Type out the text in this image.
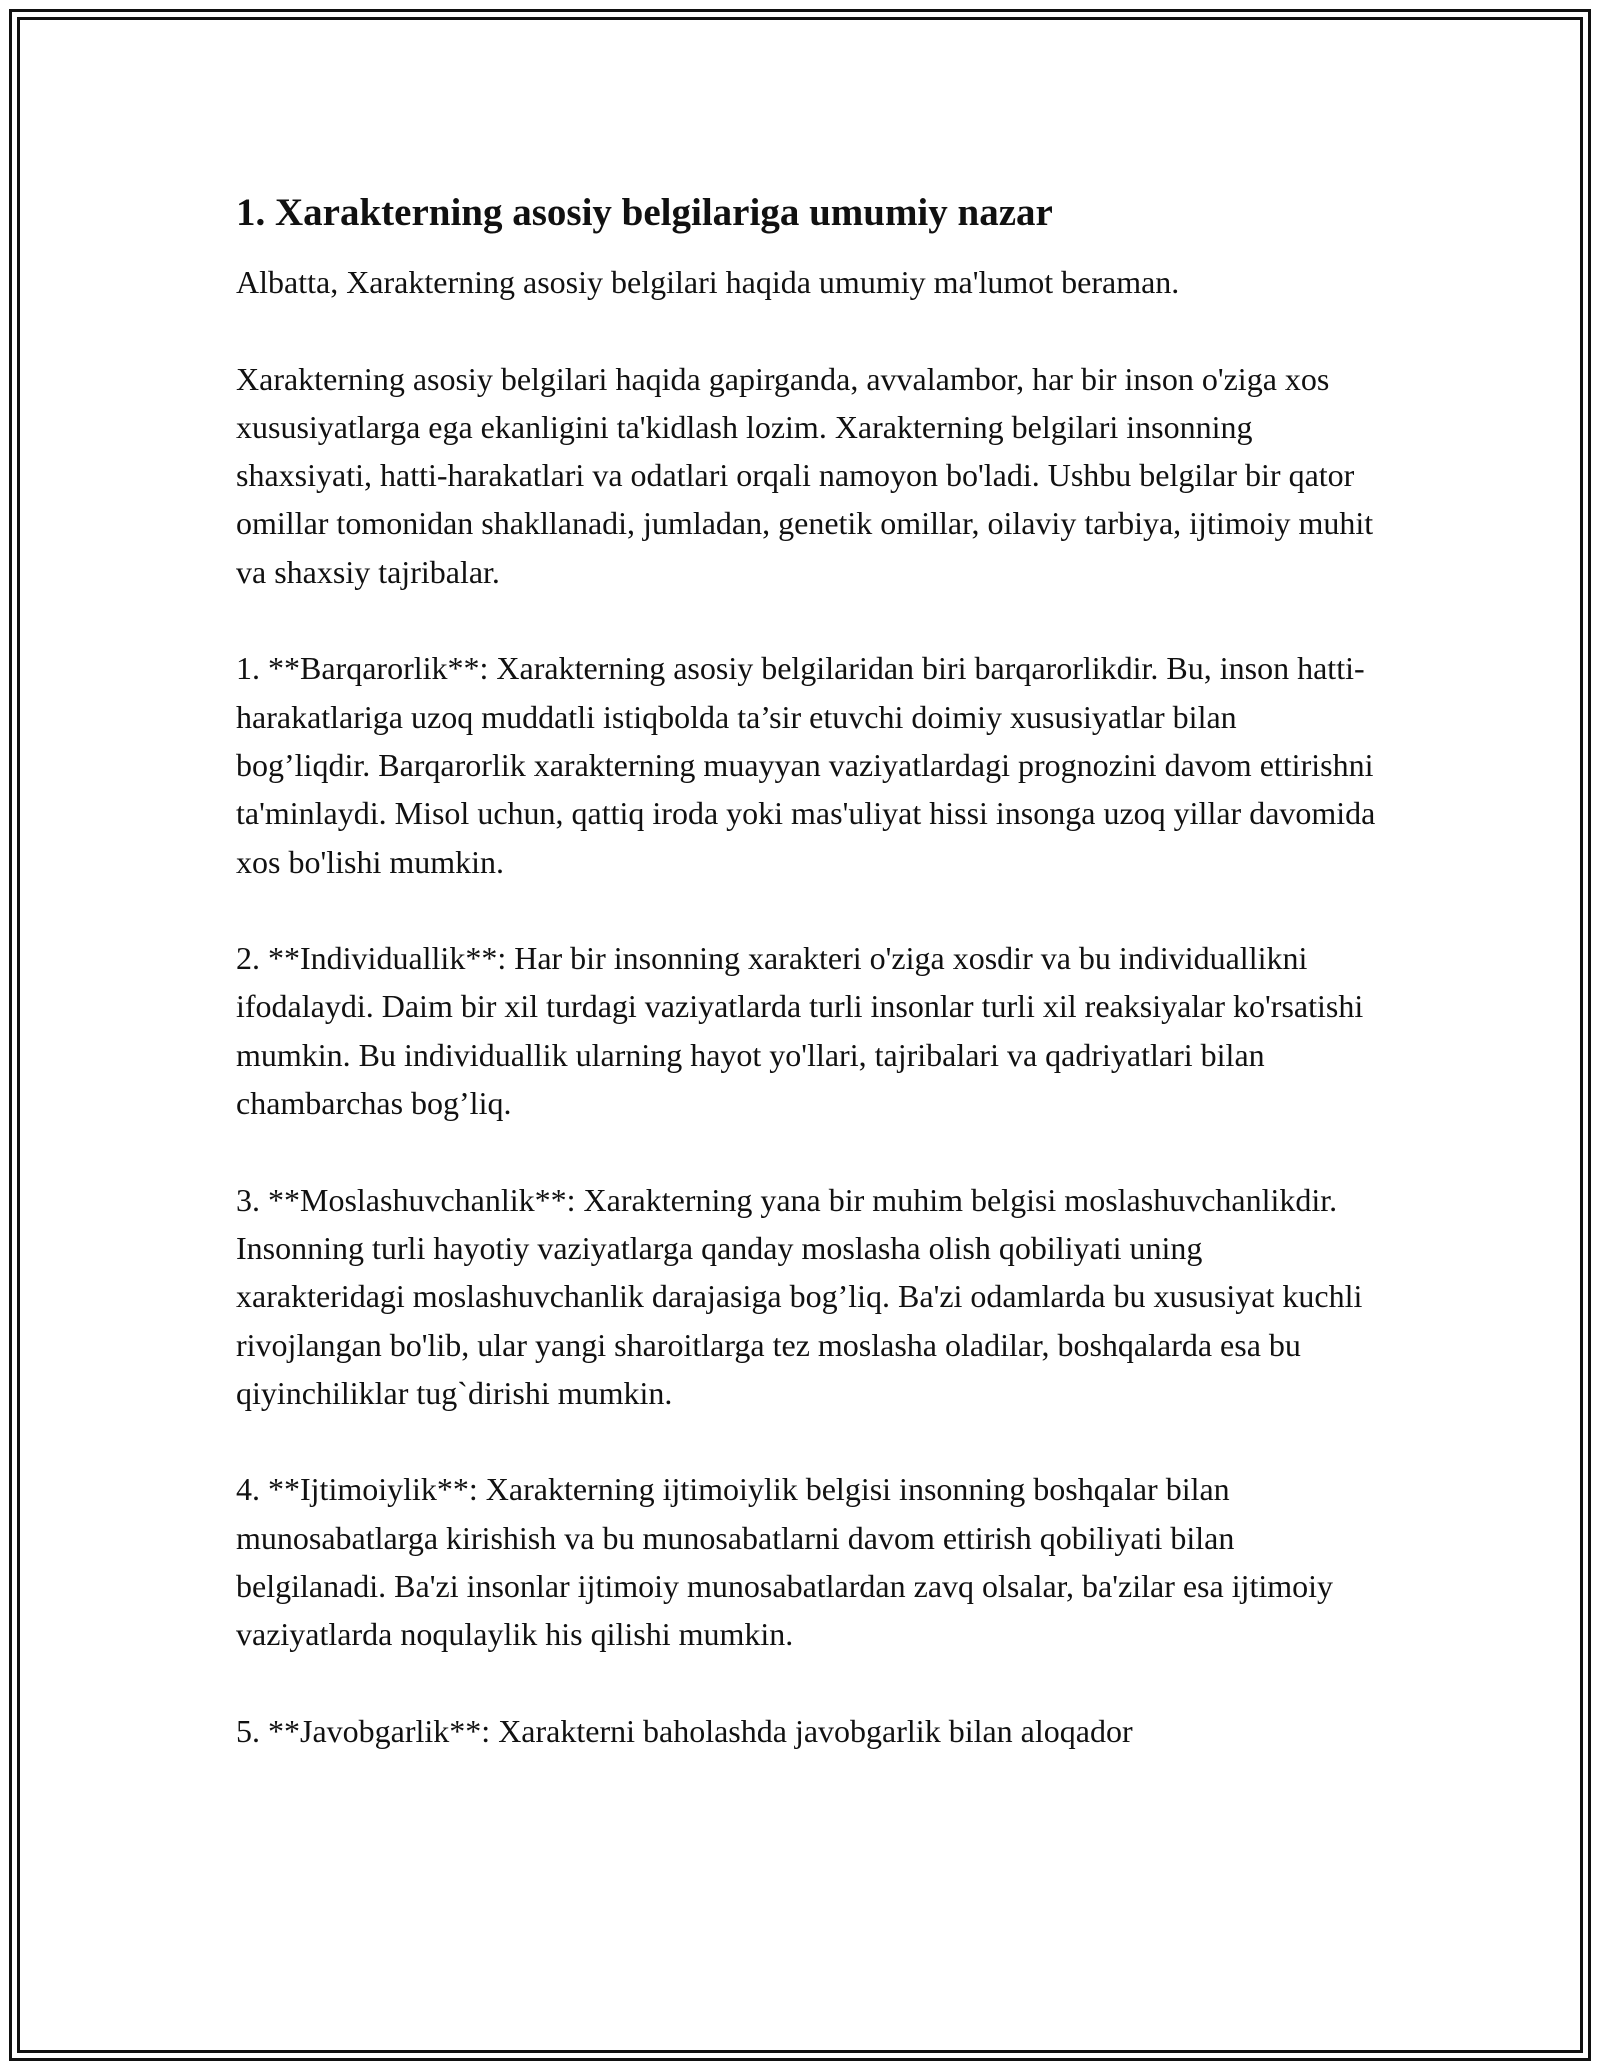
1. Xarakterning asosiy belgilariga umumiy nazar

Albatta, Xarakterning asosiy belgilari haqida umumiy ma'lumot beraman.

Xarakterning asosiy belgilari haqida gapirganda, avvalambor, har bir inson o'ziga xos xususiyatlarga ega ekanligini ta'kidlash lozim. Xarakterning belgilari insonning shaxsiyati, hatti-harakatlari va odatlari orqali namoyon bo'ladi. Ushbu belgilar bir qator omillar tomonidan shakllanadi, jumladan, genetik omillar, oilaviy tarbiya, ijtimoiy muhit va shaxsiy tajribalar.

1. **Barqarorlik**: Xarakterning asosiy belgilaridan biri barqarorlikdir. Bu, inson hatti-harakatlariga uzoq muddatli istiqbolda ta’sir etuvchi doimiy xususiyatlar bilan bog’liqdir. Barqarorlik xarakterning muayyan vaziyatlardagi prognozini davom ettirishni ta'minlaydi. Misol uchun, qattiq iroda yoki mas'uliyat hissi insonga uzoq yillar davomida xos bo'lishi mumkin.

2. **Individuallik**: Har bir insonning xarakteri o'ziga xosdir va bu individuallikni ifodalaydi. Daim bir xil turdagi vaziyatlarda turli insonlar turli xil reaksiyalar ko'rsatishi mumkin. Bu individuallik ularning hayot yo'llari, tajribalari va qadriyatlari bilan chambarchas bog’liq.

3. **Moslashuvchanlik**: Xarakterning yana bir muhim belgisi moslashuvchanlikdir. Insonning turli hayotiy vaziyatlarga qanday moslasha olish qobiliyati uning xarakteridagi moslashuvchanlik darajasiga bog’liq. Ba'zi odamlarda bu xususiyat kuchli rivojlangan bo'lib, ular yangi sharoitlarga tez moslasha oladilar, boshqalarda esa bu qiyinchiliklar tug`dirishi mumkin.

4. **Ijtimoiylik**: Xarakterning ijtimoiylik belgisi insonning boshqalar bilan munosabatlarga kirishish va bu munosabatlarni davom ettirish qobiliyati bilan belgilanadi. Ba'zi insonlar ijtimoiy munosabatlardan zavq olsalar, ba'zilar esa ijtimoiy vaziyatlarda noqulaylik his qilishi mumkin.

5. **Javobgarlik**: Xarakterni baholashda javobgarlik bilan aloqador
